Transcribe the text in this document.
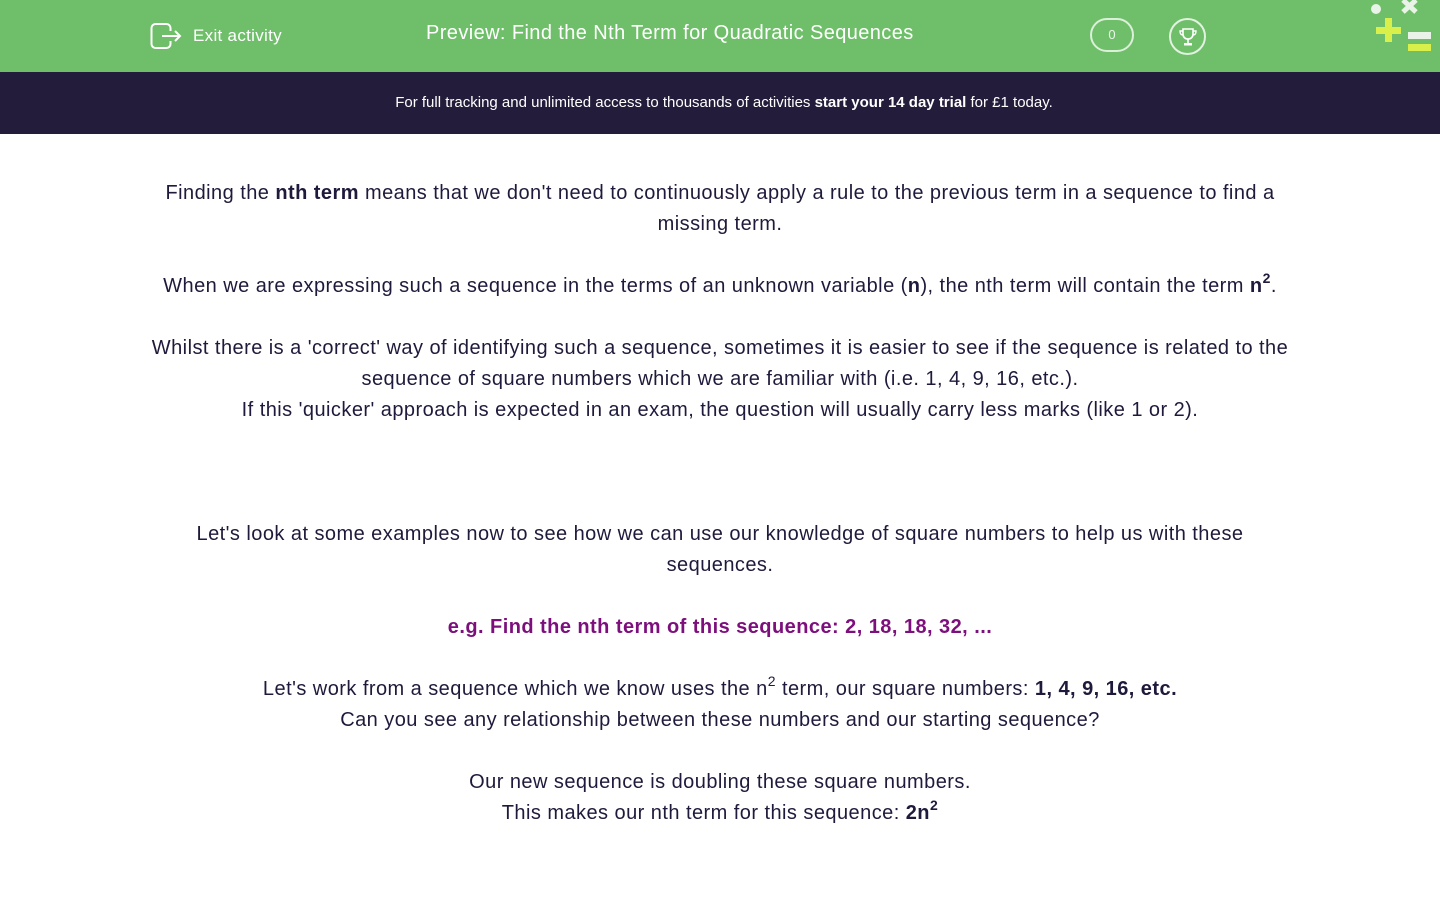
Exit activity	Preview: Find the Nth Term for Quadratic Sequences	0
For full tracking and unlimited access to thousands of activities start your 14 day trial for £1 today.

Finding the nth term means that we don't need to continuously apply a rule to the previous term in a sequence to find a missing term.

When we are expressing such a sequence in the terms of an unknown variable (n), the nth term will contain the term $n^2$.

Whilst there is a 'correct' way of identifying such a sequence, sometimes it is easier to see if the sequence is related to the sequence of square numbers which we are familiar with (i.e. 1, 4, 9, 16, etc.).

If this 'quicker' approach is expected in an exam, the question will usually carry less marks (like 1 or 2).

Let's look at some examples now to see how we can use our knowledge of square numbers to help us with these sequences.

e.g. Find the nth term of this sequence: 2, 18, 18, 32, ...

Let's work from a sequence which we know uses the $n^2$ term, our square numbers: 1, 4, 9, 16, etc.

Can you see any relationship between these numbers and our starting sequence?

Our new sequence is doubling these square numbers.

This makes our nth term for this sequence: $2n^2$
